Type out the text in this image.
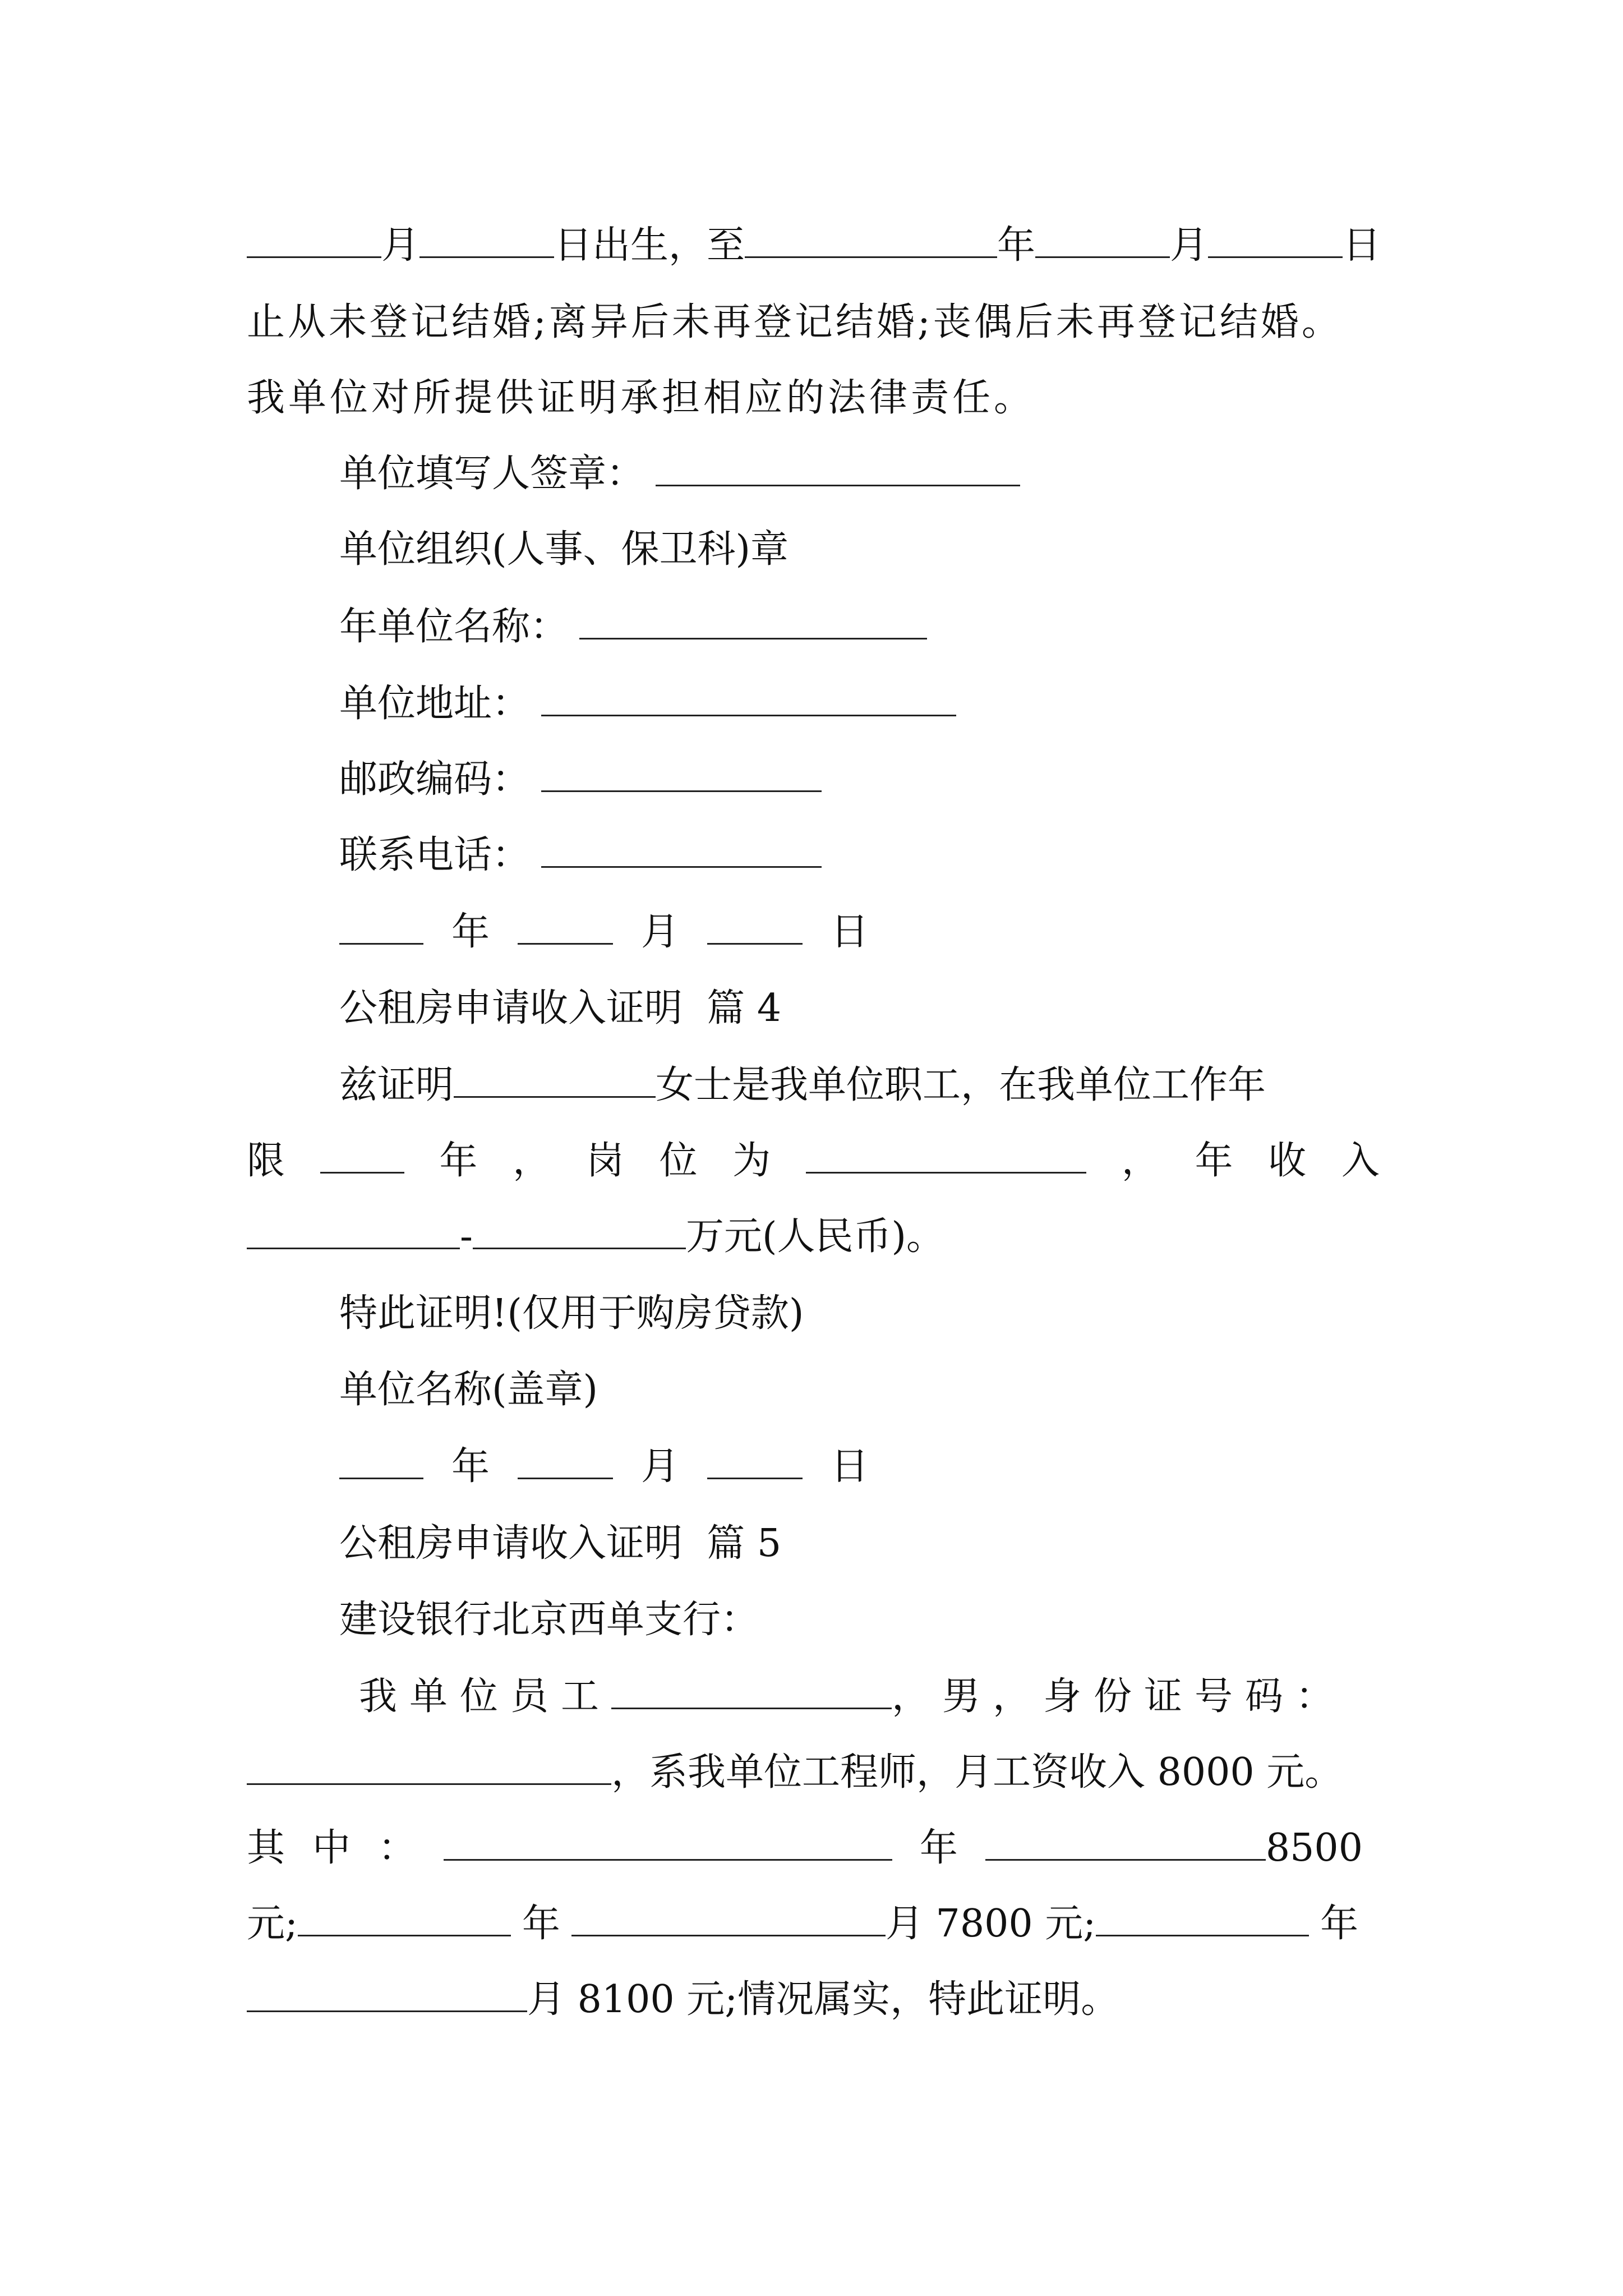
月	日出生，至	年	月	日
止从未登记结婚;离异后未再登记结婚;丧偶后未再登记结婚。
我单位对所提供证明承担相应的法律责任。
单位填写人签章：
单位组织(人事、保卫科)章
年单位名称：
单位地址：
邮政编码：
联系电话：
年	月	日
公租房申请收入证明  篇 4
兹证明	女士是我单位职工，在我单位工作年
限	年 ， 岗 位 为	， 年 收 入
-	万元(人民币)。
特此证明!(仅用于购房贷款)
单位名称(盖章)
年	月	日
公租房申请收入证明  篇 5
建设银行北京西单支行：
我单位员工	，男，身份证号码：
，系我单位工程师，月工资收入 8000 元。
其 中 ：	年	8500
元;	年	月 7800 元;	年
月 8100 元;情况属实，特此证明。
